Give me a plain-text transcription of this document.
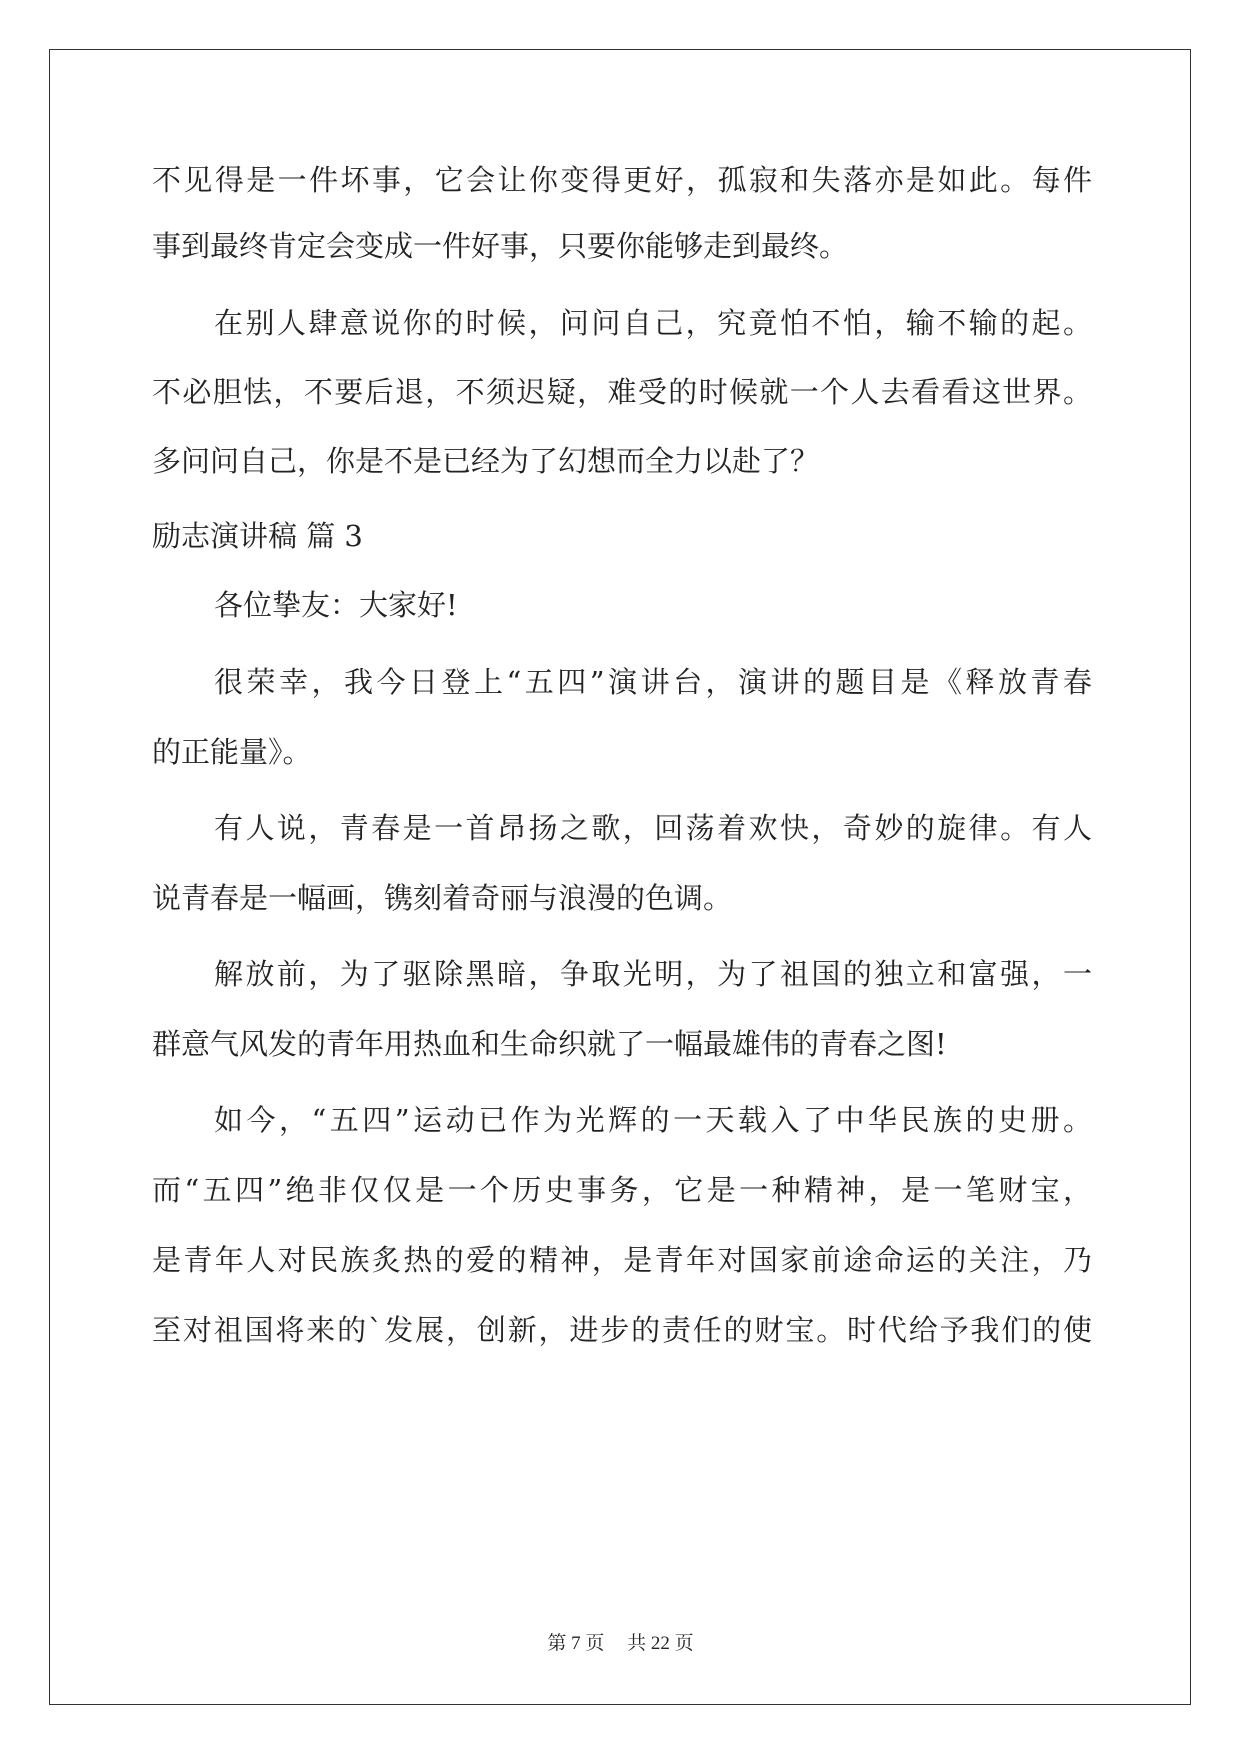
不见得是一件坏事，它会让你变得更好，孤寂和失落亦是如此。每件
事到最终肯定会变成一件好事，只要你能够走到最终。
在别人肆意说你的时候，问问自己，究竟怕不怕，输不输的起。
不必胆怯，不要后退，不须迟疑，难受的时候就一个人去看看这世界。
多问问自己，你是不是已经为了幻想而全力以赴了？
励志演讲稿 篇 3
各位挚友：大家好!
很荣幸，我今日登上“五四”演讲台，演讲的题目是《释放青春
的正能量》。
有人说，青春是一首昂扬之歌，回荡着欢快，奇妙的旋律。有人
说青春是一幅画，镌刻着奇丽与浪漫的色调。
解放前，为了驱除黑暗，争取光明，为了祖国的独立和富强，一
群意气风发的青年用热血和生命织就了一幅最雄伟的青春之图!
如今，“五四”运动已作为光辉的一天载入了中华民族的史册。
而“五四”绝非仅仅是一个历史事务，它是一种精神，是一笔财宝，
是青年人对民族炙热的爱的精神，是青年对国家前途命运的关注，乃
至对祖国将来的`发展，创新，进步的责任的财宝。时代给予我们的使
第 7 页 共 22 页
